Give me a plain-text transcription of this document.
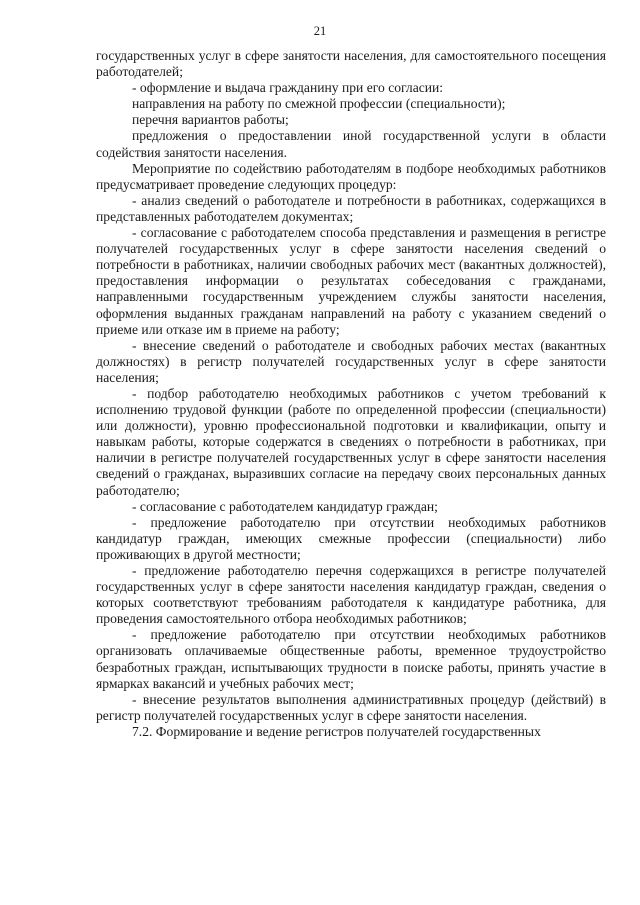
21

государственных услуг в сфере занятости населения, для самостоятельного посещения работодателей;

- оформление и выдача гражданину при его согласии:

направления на работу по смежной профессии (специальности);

перечня вариантов работы;

предложения о предоставлении иной государственной услуги в области содействия занятости населения.

Мероприятие по содействию работодателям в подборе необходимых работников предусматривает проведение следующих процедур:

- анализ сведений о работодателе и потребности в работниках, содержащихся в представленных работодателем документах;

- согласование с работодателем способа представления и размещения в регистре получателей государственных услуг в сфере занятости населения сведений о потребности в работниках, наличии свободных рабочих мест (вакантных должностей), предоставления информации о результатах собеседования с гражданами, направленными государственным учреждением службы занятости населения, оформления выданных гражданам направлений на работу с указанием сведений о приеме или отказе им в приеме на работу;

- внесение сведений о работодателе и свободных рабочих местах (вакантных должностях) в регистр получателей государственных услуг в сфере занятости населения;

- подбор работодателю необходимых работников с учетом требований к исполнению трудовой функции (работе по определенной профессии (специальности) или должности), уровню профессиональной подготовки и квалификации, опыту и навыкам работы, которые содержатся в сведениях о потребности в работниках, при наличии в регистре получателей государственных услуг в сфере занятости населения сведений о гражданах, выразивших согласие на передачу своих персональных данных работодателю;

- согласование с работодателем кандидатур граждан;

- предложение работодателю при отсутствии необходимых работников кандидатур граждан, имеющих смежные профессии (специальности) либо проживающих в другой местности;

- предложение работодателю перечня содержащихся в регистре получателей государственных услуг в сфере занятости населения кандидатур граждан, сведения о которых соответствуют требованиям работодателя к кандидатуре работника, для проведения самостоятельного отбора необходимых работников;

- предложение работодателю при отсутствии необходимых работников организовать оплачиваемые общественные работы, временное трудоустройство безработных граждан, испытывающих трудности в поиске работы, принять участие в ярмарках вакансий и учебных рабочих мест;

- внесение результатов выполнения административных процедур (действий) в регистр получателей государственных услуг в сфере занятости населения.

7.2. Формирование и ведение регистров получателей государственных
